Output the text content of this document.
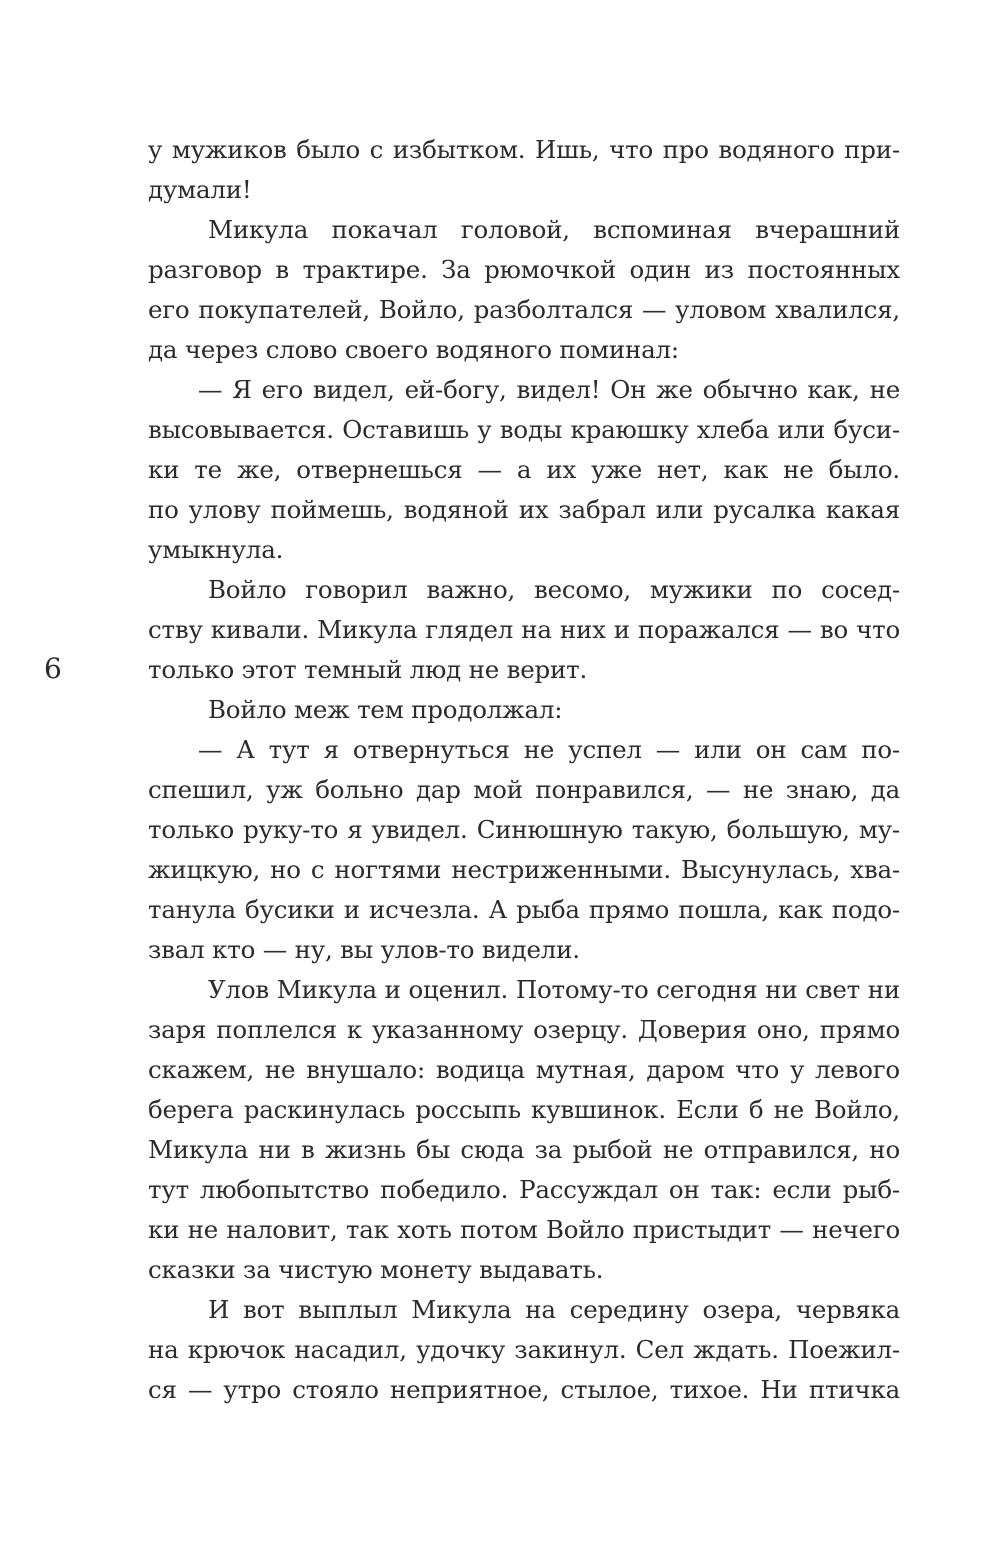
6
у мужиков было с избытком. Ишь, что про водяного при-
думали!
Микула покачал головой, вспоминая вчерашний
разговор в трактире. За рюмочкой один из постоянных
его покупателей, Войло, разболтался — уловом хвалился,
да через слово своего водяного поминал:
— Я его видел, ей-богу, видел! Он же обычно как, не
высовывается. Оставишь у воды краюшку хлеба или буси-
ки те же, отвернешься — а их уже нет, как не было.
по улову поймешь, водяной их забрал или русалка какая
умыкнула.
Войло говорил важно, весомо, мужики по сосед-
ству кивали. Микула глядел на них и поражался — во что
только этот темный люд не верит.
Войло меж тем продолжал:
— А тут я отвернуться не успел — или он сам по-
спешил, уж больно дар мой понравился, — не знаю, да
только руку-то я увидел. Синюшную такую, большую, му-
жицкую, но с ногтями нестриженными. Высунулась, хва-
танула бусики и исчезла. А рыба прямо пошла, как подо-
звал кто — ну, вы улов-то видели.
Улов Микула и оценил. Потому-то сегодня ни свет ни
заря поплелся к указанному озерцу. Доверия оно, прямо
скажем, не внушало: водица мутная, даром что у левого
берега раскинулась россыпь кувшинок. Если б не Войло,
Микула ни в жизнь бы сюда за рыбой не отправился, но
тут любопытство победило. Рассуждал он так: если рыб-
ки не наловит, так хоть потом Войло пристыдит — нечего
сказки за чистую монету выдавать.
И вот выплыл Микула на середину озера, червяка
на крючок насадил, удочку закинул. Сел ждать. Поежил-
ся — утро стояло неприятное, стылое, тихое. Ни птичка
